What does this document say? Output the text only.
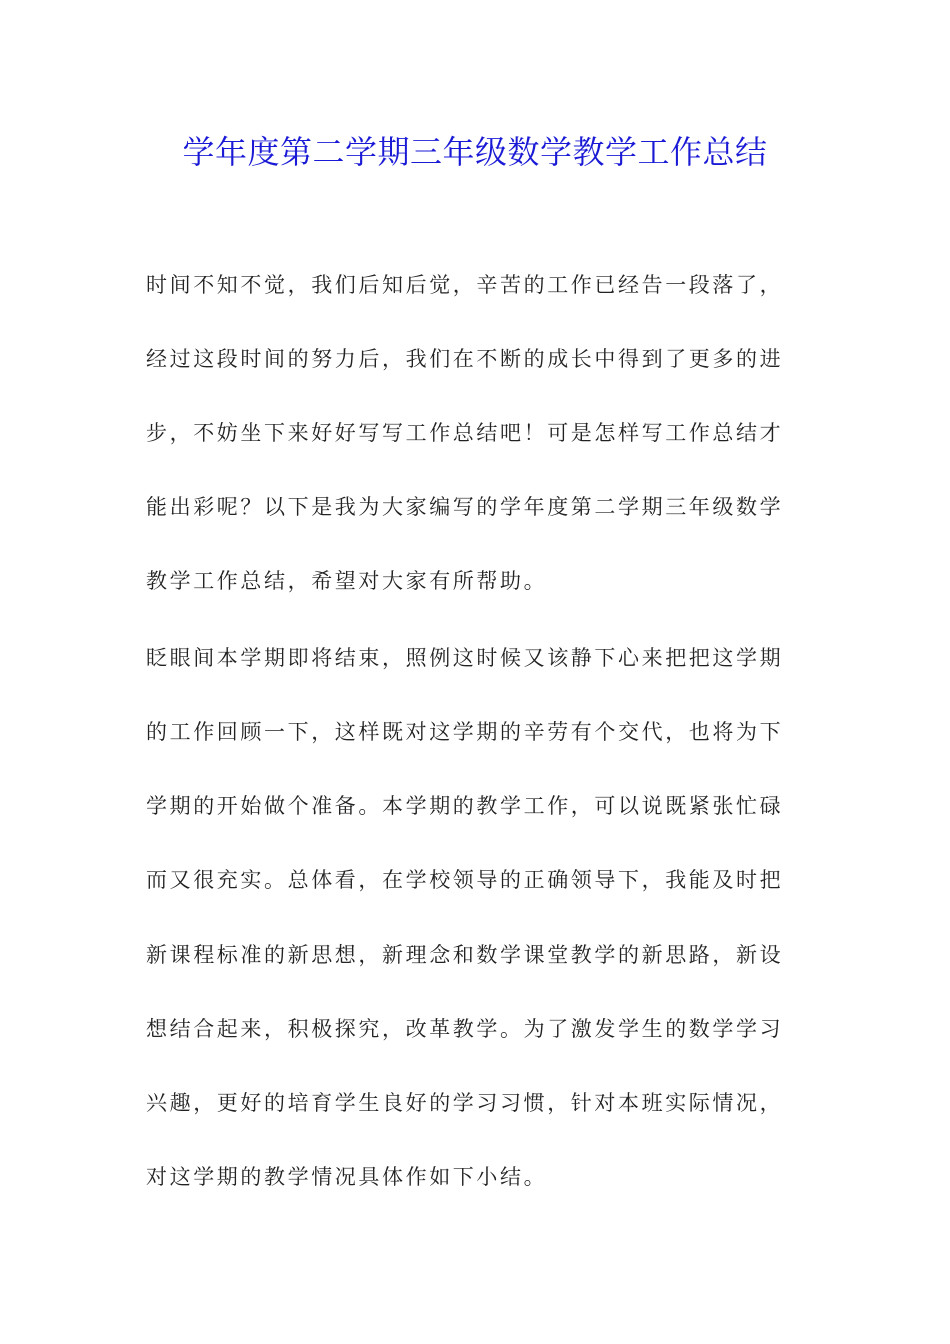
学年度第二学期三年级数学教学工作总结
时间不知不觉，我们后知后觉，辛苦的工作已经告一段落了，
经过这段时间的努力后，我们在不断的成长中得到了更多的进
步，不妨坐下来好好写写工作总结吧！可是怎样写工作总结才
能出彩呢？以下是我为大家编写的学年度第二学期三年级数学
教学工作总结，希望对大家有所帮助。
眨眼间本学期即将结束，照例这时候又该静下心来把把这学期
的工作回顾一下，这样既对这学期的辛劳有个交代，也将为下
学期的开始做个准备。本学期的教学工作，可以说既紧张忙碌
而又很充实。总体看，在学校领导的正确领导下，我能及时把
新课程标准的新思想，新理念和数学课堂教学的新思路，新设
想结合起来，积极探究，改革教学。为了激发学生的数学学习
兴趣，更好的培育学生良好的学习习惯，针对本班实际情况，
对这学期的教学情况具体作如下小结。
